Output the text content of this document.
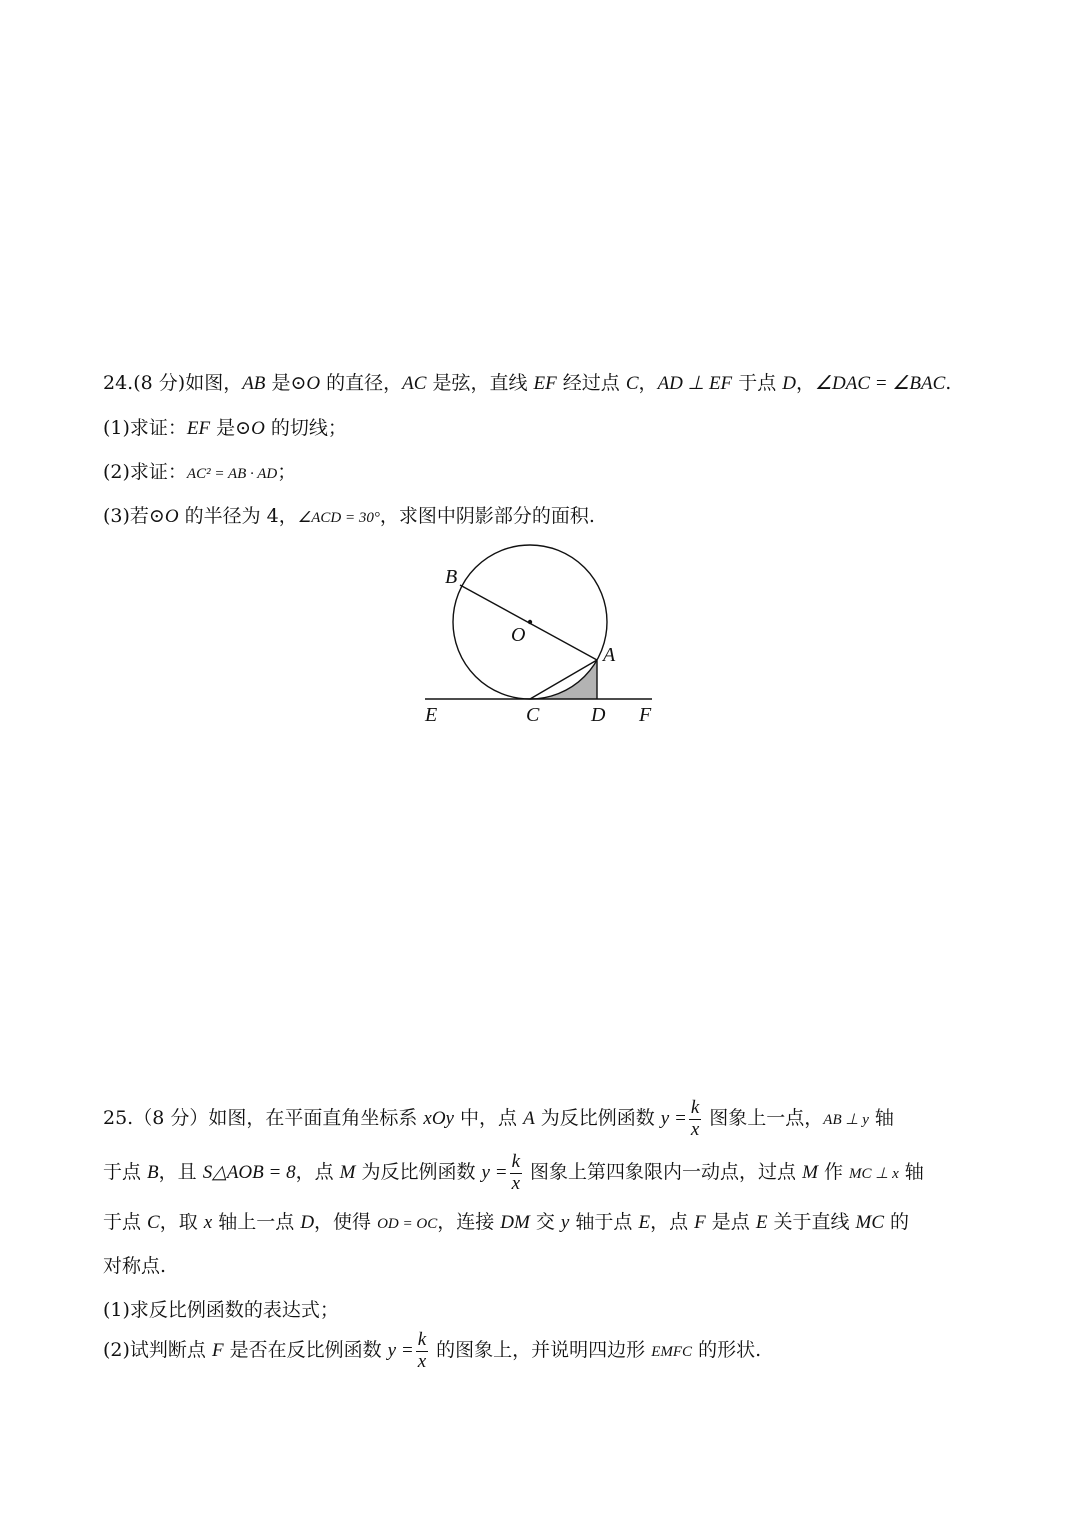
24.(8 分)如图，AB 是⊙O 的直径，AC 是弦，直线 EF 经过点 C，AD ⊥ EF 于点 D，∠DAC = ∠BAC.
(1)求证：EF 是⊙O 的切线；
(2)求证：AC² = AB · AD；
(3)若⊙O 的半径为 4，∠ACD = 30°，求图中阴影部分的面积.
B
O
A
E	C	D F
25.（8 分）如图，在平面直角坐标系 xOy 中，点 A 为反比例函数 $y = \frac{k}{x}$ 图象上一点，AB ⊥ y 轴
于点 B，且 S△AOB = 8，点 M 为反比例函数 $y = \frac{k}{x}$ 图象上第四象限内一动点，过点 M 作 MC ⊥ x 轴
于点 C，取 x 轴上一点 D，使得 OD = OC，连接 DM 交 y 轴于点 E，点 F 是点 E 关于直线 MC 的
对称点.
(1)求反比例函数的表达式；
(2)试判断点 F 是否在反比例函数 $y = \frac{k}{x}$ 的图象上，并说明四边形 EMFC 的形状.
